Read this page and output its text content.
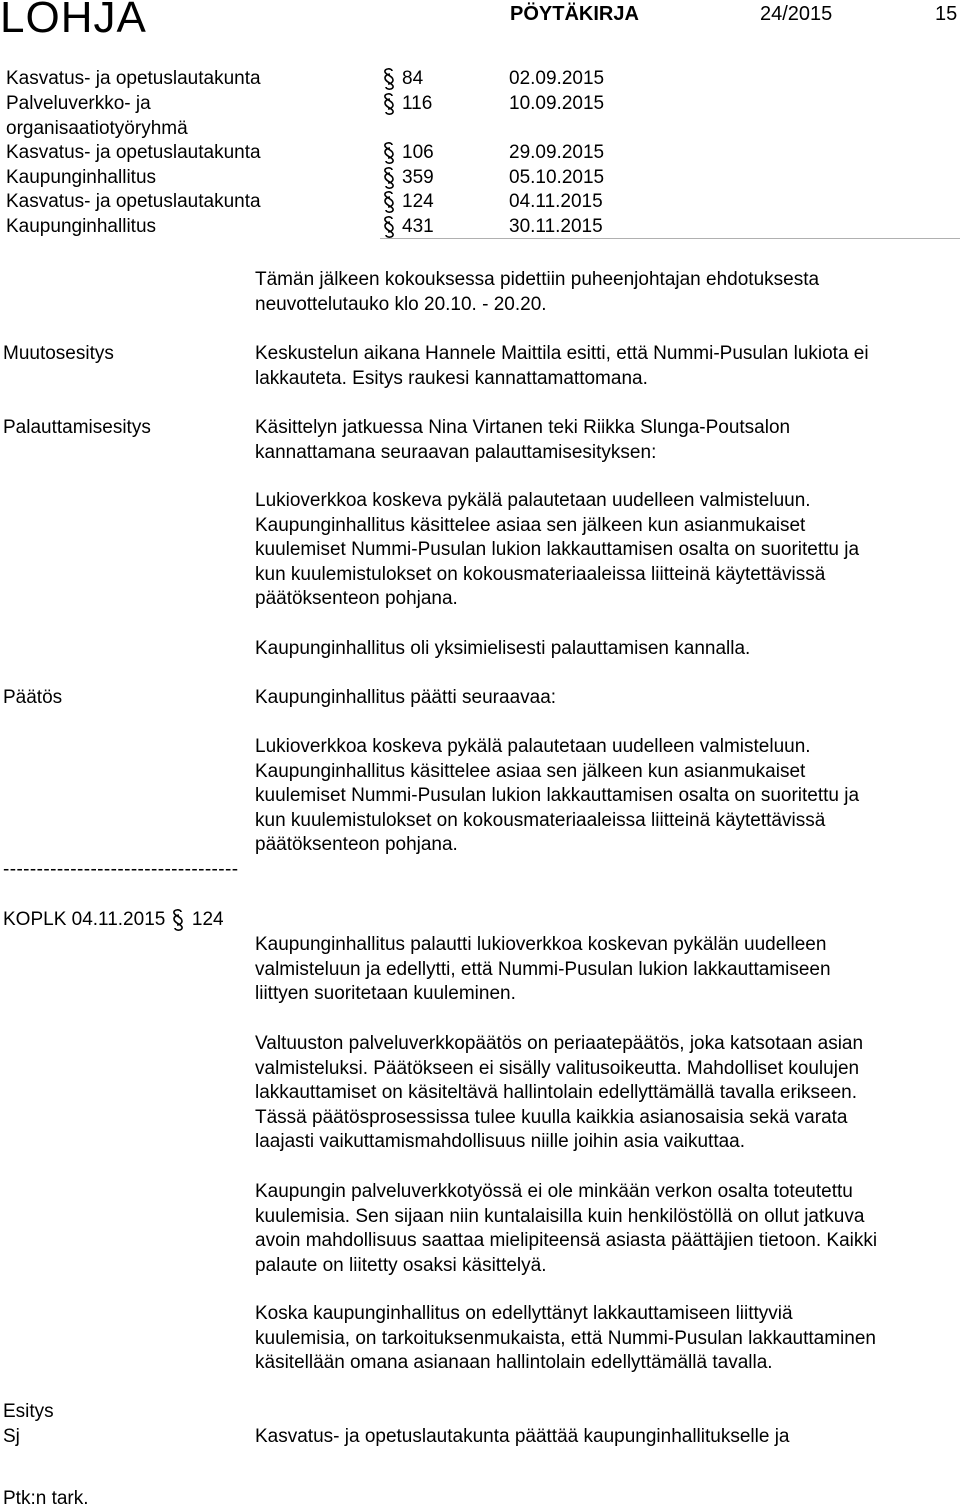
LOHJA	PÖYTÄKIRJA	24/2015	15
Kasvatus- ja opetuslautakunta	84	02.09.2015
Palveluverkko- ja	116	10.09.2015
organisaatiotyöryhmä
Kasvatus- ja opetuslautakunta	106	29.09.2015
Kaupunginhallitus	359	05.10.2015
Kasvatus- ja opetuslautakunta	124	04.11.2015
Kaupunginhallitus	431	30.11.2015
Tämän jälkeen kokouksessa pidettiin puheenjohtajan ehdotuksesta
neuvottelutauko klo 20.10. - 20.20.
Muutosesitys	Keskustelun aikana Hannele Maittila esitti, että Nummi-Pusulan lukiota ei
lakkauteta. Esitys raukesi kannattamattomana.
Palauttamisesitys	Käsittelyn jatkuessa Nina Virtanen teki Riikka Slunga-Poutsalon
kannattamana seuraavan palauttamisesityksen:
Lukioverkkoa koskeva pykälä palautetaan uudelleen valmisteluun.
Kaupunginhallitus käsittelee asiaa sen jälkeen kun asianmukaiset
kuulemiset Nummi-Pusulan lukion lakkauttamisen osalta on suoritettu ja
kun kuulemistulokset on kokousmateriaaleissa liitteinä käytettävissä
päätöksenteon pohjana.
Kaupunginhallitus oli yksimielisesti palauttamisen kannalla.
Päätös	Kaupunginhallitus päätti seuraavaa:
Lukioverkkoa koskeva pykälä palautetaan uudelleen valmisteluun.
Kaupunginhallitus käsittelee asiaa sen jälkeen kun asianmukaiset
kuulemiset Nummi-Pusulan lukion lakkauttamisen osalta on suoritettu ja
kun kuulemistulokset on kokousmateriaaleissa liitteinä käytettävissä
päätöksenteon pohjana.
-----------------------------------
KOPLK 04.11.2015 124
Kaupunginhallitus palautti lukioverkkoa koskevan pykälän uudelleen
valmisteluun ja edellytti, että Nummi-Pusulan lukion lakkauttamiseen
liittyen suoritetaan kuuleminen.
Valtuuston palveluverkkopäätös on periaatepäätös, joka katsotaan asian
valmisteluksi. Päätökseen ei sisälly valitusoikeutta. Mahdolliset koulujen
lakkauttamiset on käsiteltävä hallintolain edellyttämällä tavalla erikseen.
Tässä päätösprosessissa tulee kuulla kaikkia asianosaisia sekä varata
laajasti vaikuttamismahdollisuus niille joihin asia vaikuttaa.
Kaupungin palveluverkkotyössä ei ole minkään verkon osalta toteutettu
kuulemisia. Sen sijaan niin kuntalaisilla kuin henkilöstöllä on ollut jatkuva
avoin mahdollisuus saattaa mielipiteensä asiasta päättäjien tietoon. Kaikki
palaute on liitetty osaksi käsittelyä.
Koska kaupunginhallitus on edellyttänyt lakkauttamiseen liittyviä
kuulemisia, on tarkoituksenmukaista, että Nummi-Pusulan lakkauttaminen
käsitellään omana asianaan hallintolain edellyttämällä tavalla.
Esitys
Sj	Kasvatus- ja opetuslautakunta päättää kaupunginhallitukselle ja
Ptk:n tark.
